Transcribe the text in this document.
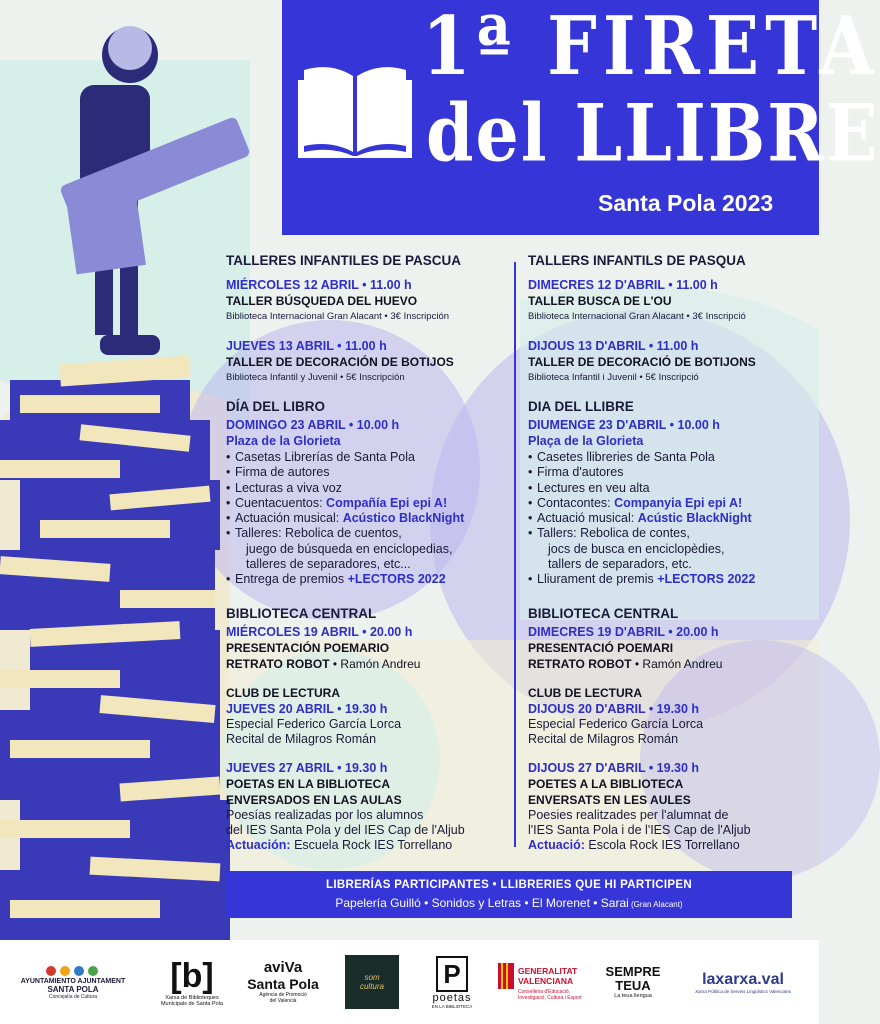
1ª FIRETA
del LLIBRE
Santa Pola 2023
TALLERES INFANTILES DE PASCUA
MIÉRCOLES 12 ABRIL • 11.00 h
TALLER BÚSQUEDA DEL HUEVO
Biblioteca Internacional Gran Alacant • 3€ Inscripción
JUEVES 13 ABRIL • 11.00 h
TALLER DE DECORACIÓN DE BOTIJOS
Biblioteca Infantil y Juvenil • 5€ Inscripción
DÍA DEL LIBRO
DOMINGO 23 ABRIL • 10.00 h
Plaza de la Glorieta
• Casetas Librerías de Santa Pola
• Firma de autores
• Lecturas a viva voz
• Cuentacuentos: Compañía Epi epi A!
• Actuación musical: Acústico BlackNight
• Talleres: Rebolica de cuentos,
juego de búsqueda en enciclopedias,
talleres de separadores, etc...
• Entrega de premios +LECTORS 2022
BIBLIOTECA CENTRAL
MIÉRCOLES 19 ABRIL • 20.00 h
PRESENTACIÓN POEMARIO
RETRATO ROBOT • Ramón Andreu
CLUB DE LECTURA
JUEVES 20 ABRIL • 19.30 h
Especial Federico García Lorca
Recital de Milagros Román
JUEVES 27 ABRIL • 19.30 h
POETAS EN LA BIBLIOTECA
ENVERSADOS EN LAS AULAS
Poesías realizadas por los alumnos
del IES Santa Pola y del IES Cap de l'Aljub
Actuación: Escuela Rock IES Torrellano
TALLERS INFANTILS DE PASQUA
DIMECRES 12 D'ABRIL • 11.00 h
TALLER BUSCA DE L'OU
Biblioteca Internacional Gran Alacant • 3€ Inscripció
DIJOUS 13 D'ABRIL • 11.00 h
TALLER DE DECORACIÓ DE BOTIJONS
Biblioteca Infantil i Juvenil • 5€ Inscripció
DIA DEL LLIBRE
DIUMENGE 23 D'ABRIL • 10.00 h
Plaça de la Glorieta
• Casetes llibreries de Santa Pola
• Firma d'autores
• Lectures en veu alta
• Contacontes: Companyia Epi epi A!
• Actuació musical: Acústic BlackNight
• Tallers: Rebolica de contes,
jocs de busca en enciclopèdies,
tallers de separadors, etc.
• Lliurament de premis +LECTORS 2022
BIBLIOTECA CENTRAL
DIMECRES 19 D'ABRIL • 20.00 h
PRESENTACIÓ POEMARI
RETRATO ROBOT • Ramón Andreu
CLUB DE LECTURA
DIJOUS 20 D'ABRIL • 19.30 h
Especial Federico García Lorca
Recital de Milagros Román
DIJOUS 27 D'ABRIL • 19.30 h
POETES A LA BIBLIOTECA
ENVERSATS EN LES AULES
Poesies realitzades per l'alumnat de
l'IES Santa Pola i de l'IES Cap de l'Aljub
Actuació: Escola Rock IES Torrellano
LIBRERÍAS PARTICIPANTES • LLIBRERIES QUE HI PARTICIPEN
Papelería Guilló • Sonidos y Letras • El Morenet • Sarai (Gran Alacant)
AYUNTAMIENTO AJUNTAMENT
SANTA POLA
Concejalía de Cultura
[b]
Xarxa de Biblioteques
Municipals de Santa Pola
aviVa
Santa Pola
Agència de Promoció
del Valencià
som
cultura P
poetas
EN LA BIBLIOTECA
GENERALITAT
VALENCIANA
Conselleria d'Educació,
Investigació, Cultura i Esport
SEMPRE
TEUA
La teua llengua
laxarxa.val
Xarxa Pública de Serveis Lingüístics Valencians
